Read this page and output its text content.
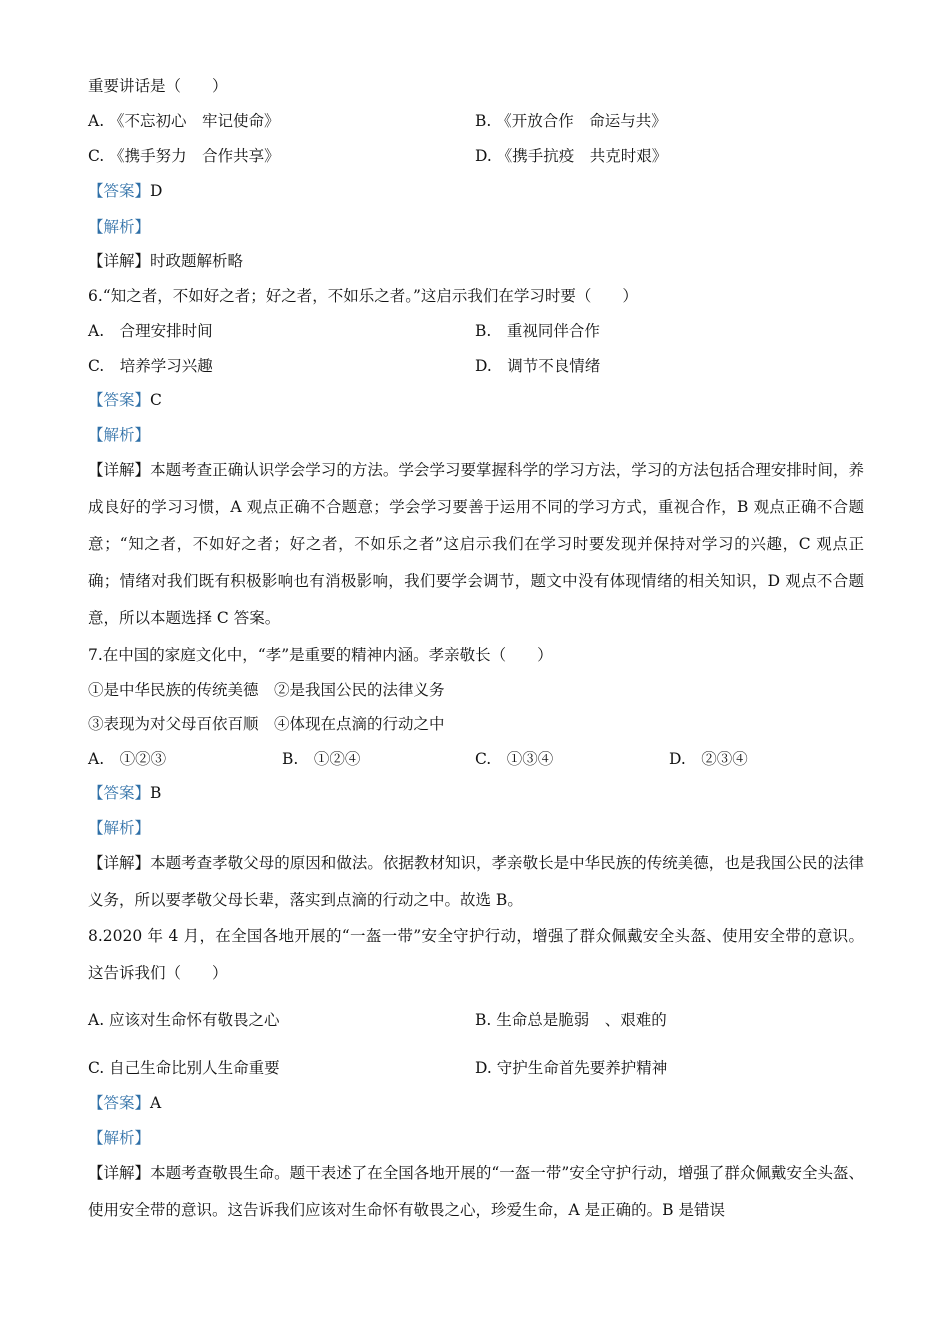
重要讲话是（　　）
A. 《不忘初心　牢记使命》	B. 《开放合作　命运与共》
C. 《携手努力　合作共享》	D. 《携手抗疫　共克时艰》
【答案】D
【解析】
【详解】时政题解析略
6.“知之者，不如好之者；好之者，不如乐之者。”这启示我们在学习时要（　　）
A.　合理安排时间	B.　重视同伴合作
C.　培养学习兴趣	D.　调节不良情绪
【答案】C
【解析】
【详解】本题考查正确认识学会学习的方法。学会学习要掌握科学的学习方法，学习的方法包括合理安排时间，养成良好的学习习惯，A 观点正确不合题意；学会学习要善于运用不同的学习方式，重视合作，B 观点正确不合题意；“知之者，不如好之者；好之者，不如乐之者”这启示我们在学习时要发现并保持对学习的兴趣，C 观点正确；情绪对我们既有积极影响也有消极影响，我们要学会调节，题文中没有体现情绪的相关知识，D 观点不合题意，所以本题选择 C 答案。
7.在中国的家庭文化中，“孝”是重要的精神内涵。孝亲敬长（　　）
①是中华民族的传统美德　②是我国公民的法律义务
③表现为对父母百依百顺　④体现在点滴的行动之中
A.　①②③	B.　①②④	C.　①③④	D.　②③④
【答案】B
【解析】
【详解】本题考查孝敬父母的原因和做法。依据教材知识，孝亲敬长是中华民族的传统美德，也是我国公民的法律义务，所以要孝敬父母长辈，落实到点滴的行动之中。故选 B。
8.2020 年 4 月，在全国各地开展的“一盔一带”安全守护行动，增强了群众佩戴安全头盔、使用安全带的意识。这告诉我们（　　）
A. 应该对生命怀有敬畏之心	B. 生命总是脆弱　、艰难的
C. 自己生命比别人生命重要	D. 守护生命首先要养护精神
【答案】A
【解析】
【详解】本题考查敬畏生命。题干表述了在全国各地开展的“一盔一带”安全守护行动，增强了群众佩戴安全头盔、使用安全带的意识。这告诉我们应该对生命怀有敬畏之心，珍爱生命，A 是正确的。B 是错误
